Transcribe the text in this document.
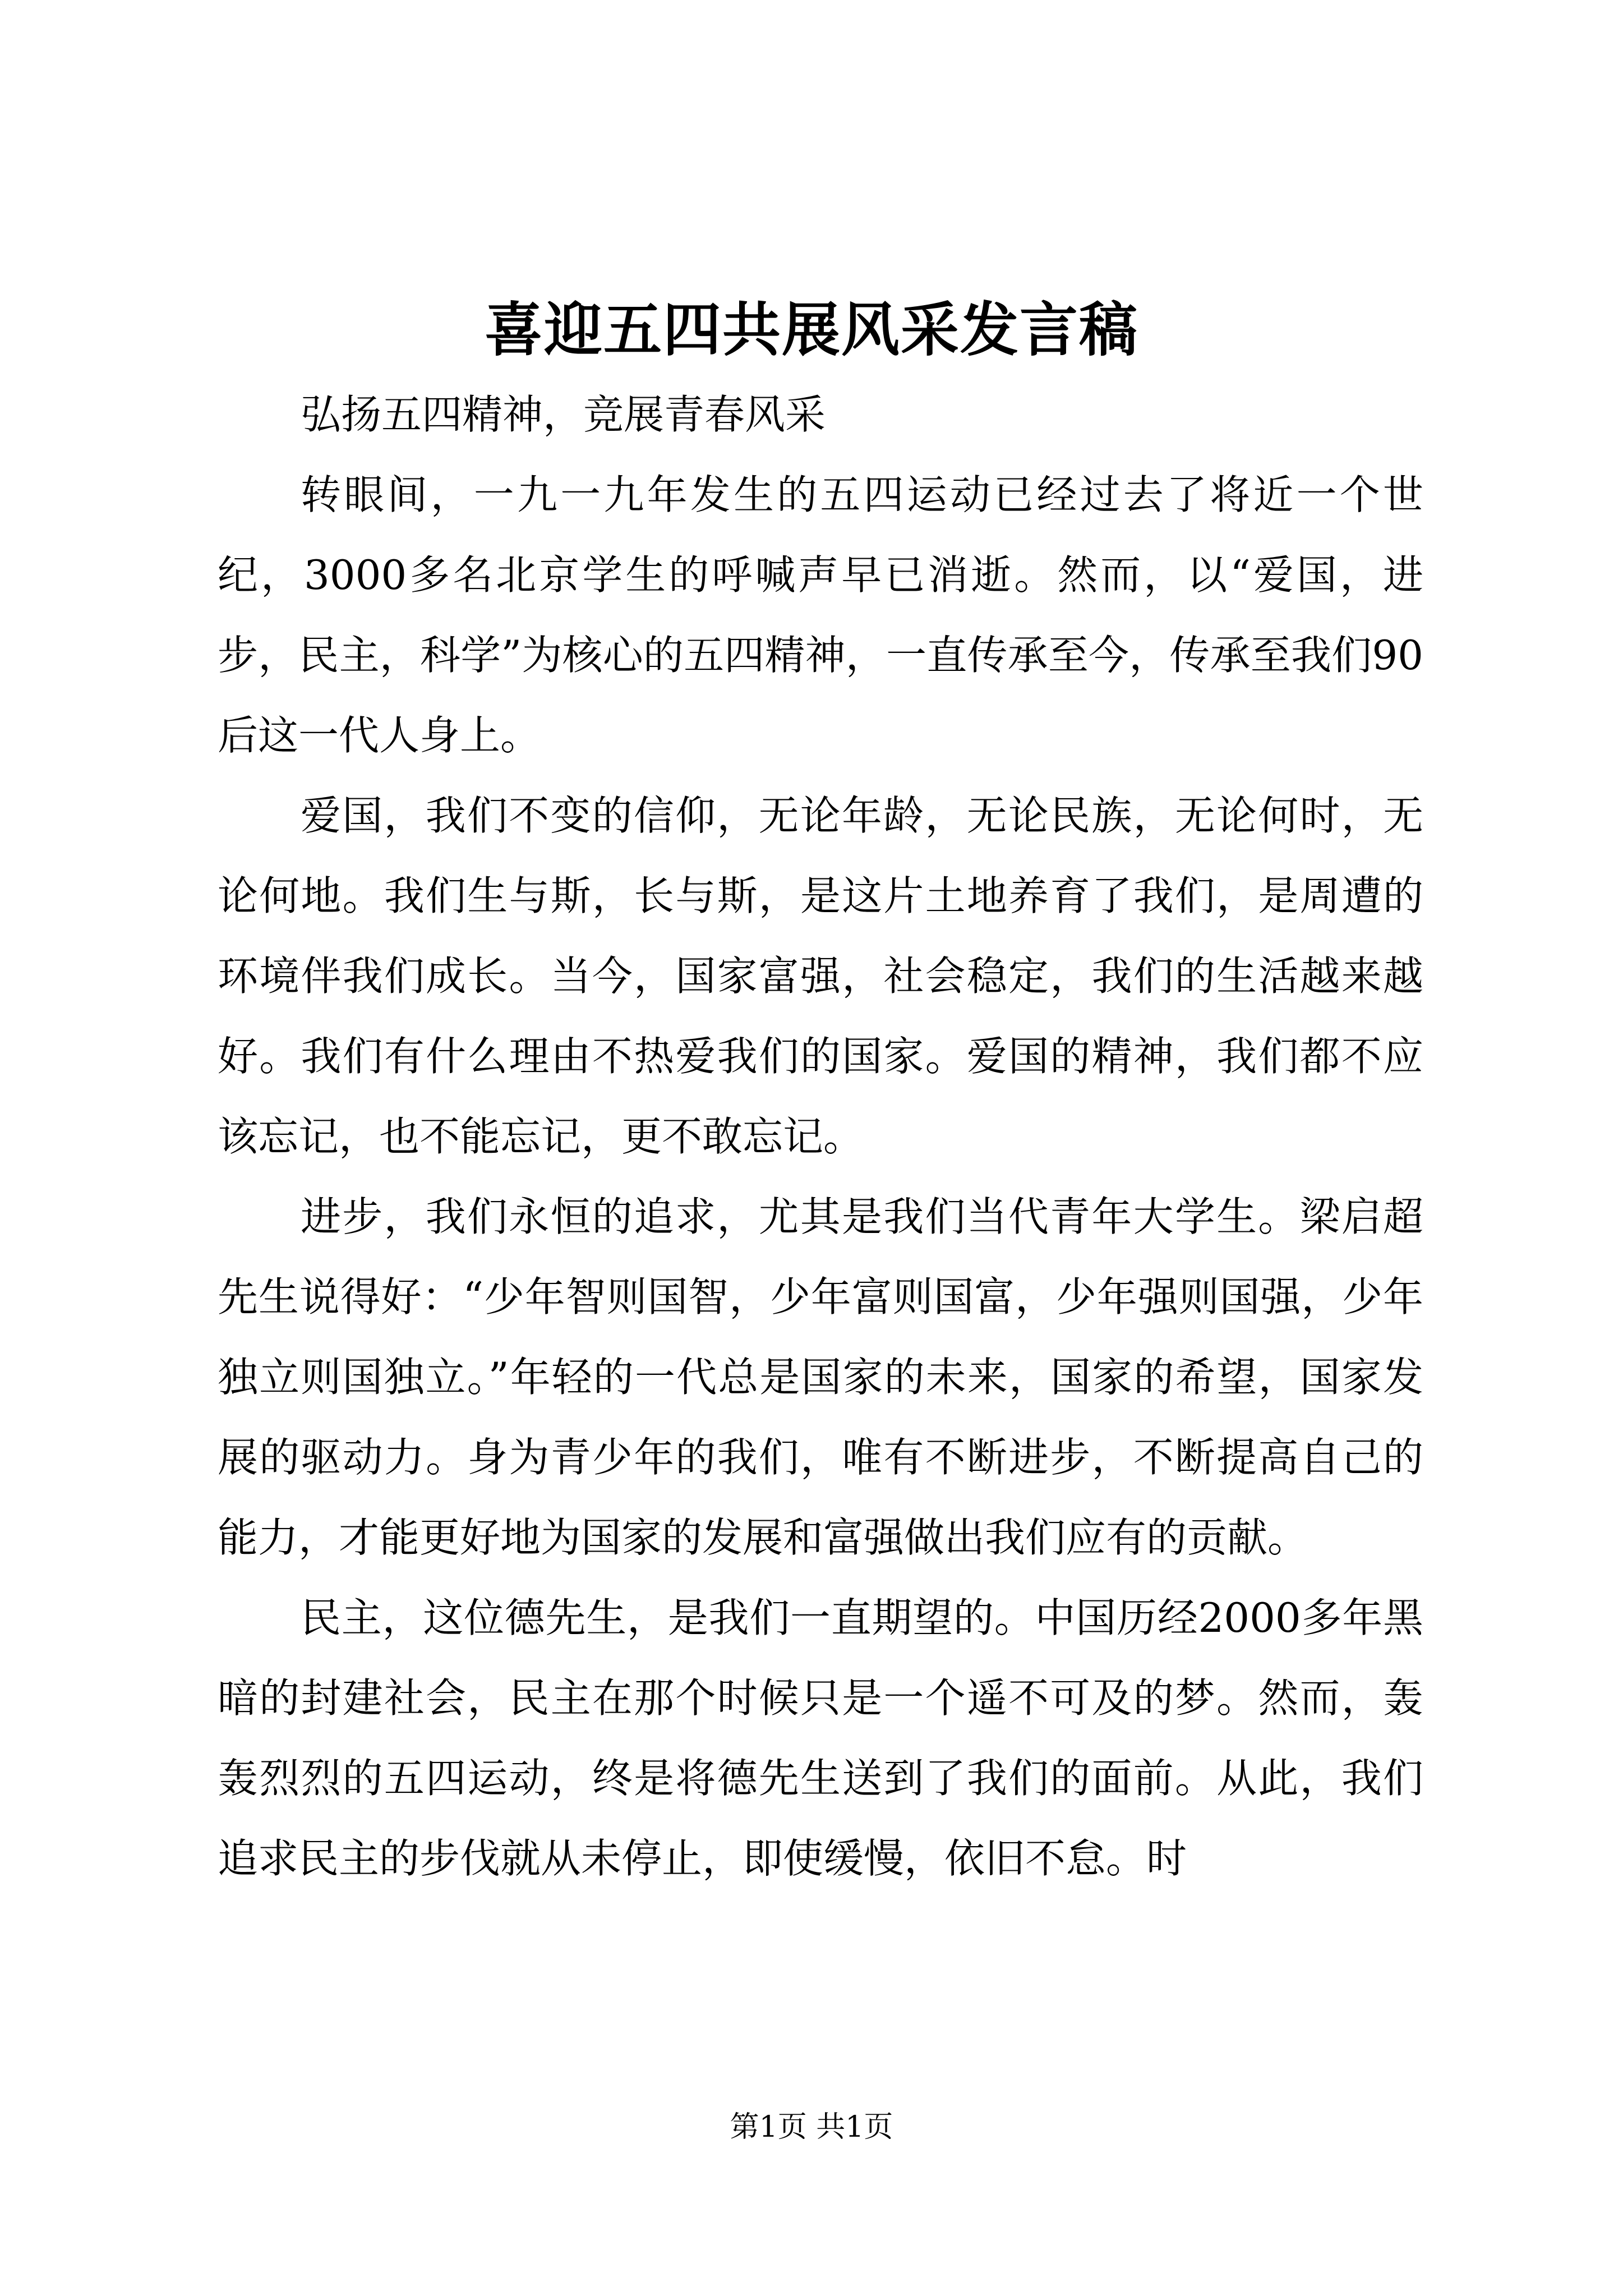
喜迎五四共展风采发言稿

弘扬五四精神，竞展青春风采

转眼间，一九一九年发生的五四运动已经过去了将近一个世纪，3000多名北京学生的呼喊声早已消逝。然而，以“爱国，进步，民主，科学”为核心的五四精神，一直传承至今，传承至我们90后这一代人身上。

爱国，我们不变的信仰，无论年龄，无论民族，无论何时，无论何地。我们生与斯，长与斯，是这片土地养育了我们，是周遭的环境伴我们成长。当今，国家富强，社会稳定，我们的生活越来越好。我们有什么理由不热爱我们的国家。爱国的精神，我们都不应该忘记，也不能忘记，更不敢忘记。

进步，我们永恒的追求，尤其是我们当代青年大学生。梁启超先生说得好：“少年智则国智，少年富则国富，少年强则国强，少年独立则国独立。”年轻的一代总是国家的未来，国家的希望，国家发展的驱动力。身为青少年的我们，唯有不断进步，不断提高自己的能力，才能更好地为国家的发展和富强做出我们应有的贡献。

民主，这位德先生，是我们一直期望的。中国历经2000多年黑暗的封建社会，民主在那个时候只是一个遥不可及的梦。然而，轰轰烈烈的五四运动，终是将德先生送到了我们的面前。从此，我们追求民主的步伐就从未停止，即使缓慢，依旧不怠。时

第1页 共1页
